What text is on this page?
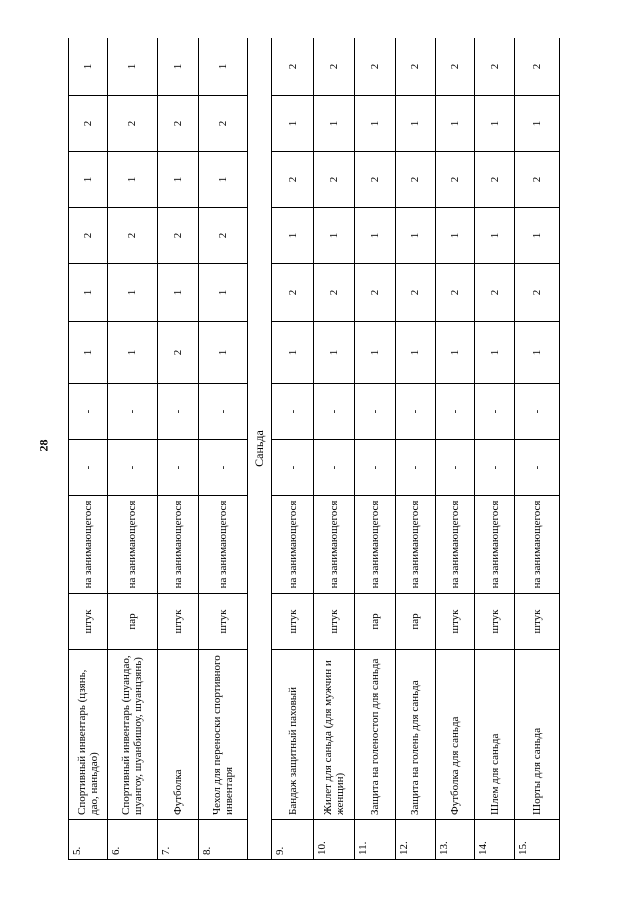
28
5.	Спортивный инвентарь (цзянь, дао, наньдао)	штук	на занимающегося	-	-	1	1	2	1	2	1
6.	Спортивный инвентарь (шуандао, шуангоу, шуанбишоу, шуанцзянь)	пар	на занимающегося	-	-	1	1	2	1	2	1
7.	Футболка	штук	на занимающегося	-	-	2	1	2	1	2	1
8.	Чехол для переноски спортивного инвентаря	штук	на занимающегося	-	-	1	1	2	1	2	1
Саньда											
9.	Бандаж защитный паховый	штук	на занимающегося	-	-	1	2	1	2	1	2
10.	Жилет для саньда (для мужчин и женщин)	штук	на занимающегося	-	-	1	2	1	2	1	2
11.	Защита на голеностоп для саньда	пар	на занимающегося	-	-	1	2	1	2	1	2
12.	Защита на голень для саньда	пар	на занимающегося	-	-	1	2	1	2	1	2
13.	Футболка для саньда	штук	на занимающегося	-	-	1	2	1	2	1	2
14.	Шлем для саньда	штук	на занимающегося	-	-	1	2	1	2	1	2
15.	Шорты для саньда	штук	на занимающегося	-	-	1	2	1	2	1	2
